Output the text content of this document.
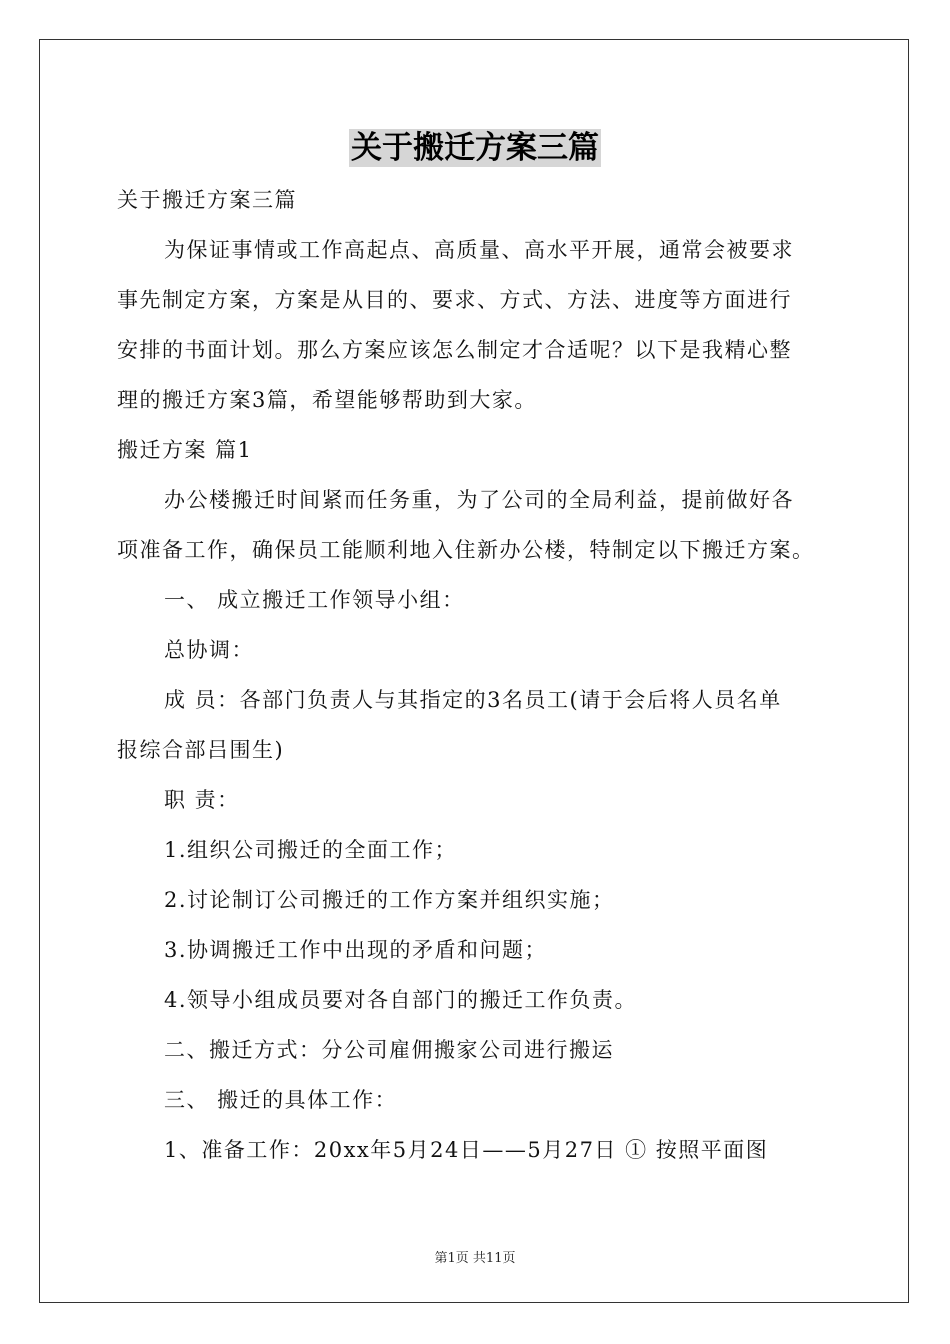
关于搬迁方案三篇
关于搬迁方案三篇
为保证事情或工作高起点、高质量、高水平开展，通常会被要求
事先制定方案，方案是从目的、要求、方式、方法、进度等方面进行
安排的书面计划。那么方案应该怎么制定才合适呢？以下是我精心整
理的搬迁方案3篇，希望能够帮助到大家。
搬迁方案 篇1
办公楼搬迁时间紧而任务重，为了公司的全局利益，提前做好各
项准备工作，确保员工能顺利地入住新办公楼，特制定以下搬迁方案。
一、 成立搬迁工作领导小组：
总协调：
成 员：各部门负责人与其指定的3名员工(请于会后将人员名单
报综合部吕围生)
职 责：
1.组织公司搬迁的全面工作；
2.讨论制订公司搬迁的工作方案并组织实施；
3.协调搬迁工作中出现的矛盾和问题；
4.领导小组成员要对各自部门的搬迁工作负责。
二、搬迁方式：分公司雇佣搬家公司进行搬运
三、 搬迁的具体工作：
1、准备工作：20xx年5月24日——5月27日 ① 按照平面图
第1页 共11页
